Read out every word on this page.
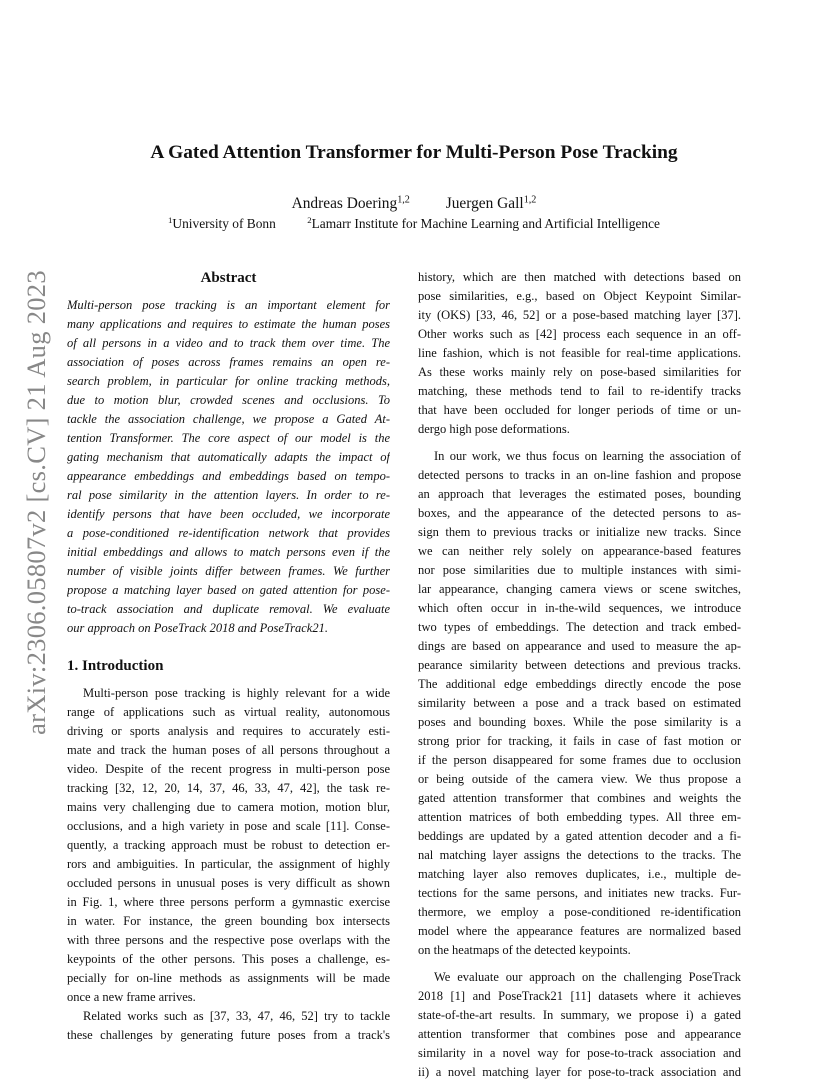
arXiv:2306.05807v2 [cs.CV] 21 Aug 2023
A Gated Attention Transformer for Multi-Person Pose Tracking
Andreas Doering$^{1,2}$ Juergen Gall$^{1,2}$
$^1$University of Bonn	$^2$Lamarr Institute for Machine Learning and Artificial Intelligence
Abstract
Multi-person pose tracking is an important element for
many applications and requires to estimate the human poses
of all persons in a video and to track them over time. The
association of poses across frames remains an open re-
search problem, in particular for online tracking methods,
due to motion blur, crowded scenes and occlusions. To
tackle the association challenge, we propose a Gated At-
tention Transformer. The core aspect of our model is the
gating mechanism that automatically adapts the impact of
appearance embeddings and embeddings based on tempo-
ral pose similarity in the attention layers. In order to re-
identify persons that have been occluded, we incorporate
a pose-conditioned re-identification network that provides
initial embeddings and allows to match persons even if the
number of visible joints differ between frames. We further
propose a matching layer based on gated attention for pose-
to-track association and duplicate removal. We evaluate
our approach on PoseTrack 2018 and PoseTrack21.
1. Introduction
Multi-person pose tracking is highly relevant for a wide
range of applications such as virtual reality, autonomous
driving or sports analysis and requires to accurately esti-
mate and track the human poses of all persons throughout a
video. Despite of the recent progress in multi-person pose
tracking [32, 12, 20, 14, 37, 46, 33, 47, 42], the task re-
mains very challenging due to camera motion, motion blur,
occlusions, and a high variety in pose and scale [11]. Conse-
quently, a tracking approach must be robust to detection er-
rors and ambiguities. In particular, the assignment of highly
occluded persons in unusual poses is very difficult as shown
in Fig. 1, where three persons perform a gymnastic exercise
in water. For instance, the green bounding box intersects
with three persons and the respective pose overlaps with the
keypoints of the other persons. This poses a challenge, es-
pecially for on-line methods as assignments will be made
once a new frame arrives.
Related works such as [37, 33, 47, 46, 52] try to tackle
these challenges by generating future poses from a track's
history, which are then matched with detections based on
pose similarities, e.g., based on Object Keypoint Similar-
ity (OKS) [33, 46, 52] or a pose-based matching layer [37].
Other works such as [42] process each sequence in an off-
line fashion, which is not feasible for real-time applications.
As these works mainly rely on pose-based similarities for
matching, these methods tend to fail to re-identify tracks
that have been occluded for longer periods of time or un-
dergo high pose deformations.
In our work, we thus focus on learning the association of
detected persons to tracks in an on-line fashion and propose
an approach that leverages the estimated poses, bounding
boxes, and the appearance of the detected persons to as-
sign them to previous tracks or initialize new tracks. Since
we can neither rely solely on appearance-based features
nor pose similarities due to multiple instances with simi-
lar appearance, changing camera views or scene switches,
which often occur in in-the-wild sequences, we introduce
two types of embeddings. The detection and track embed-
dings are based on appearance and used to measure the ap-
pearance similarity between detections and previous tracks.
The additional edge embeddings directly encode the pose
similarity between a pose and a track based on estimated
poses and bounding boxes. While the pose similarity is a
strong prior for tracking, it fails in case of fast motion or
if the person disappeared for some frames due to occlusion
or being outside of the camera view. We thus propose a
gated attention transformer that combines and weights the
attention matrices of both embedding types. All three em-
beddings are updated by a gated attention decoder and a fi-
nal matching layer assigns the detections to the tracks. The
matching layer also removes duplicates, i.e., multiple de-
tections for the same persons, and initiates new tracks. Fur-
thermore, we employ a pose-conditioned re-identification
model where the appearance features are normalized based
on the heatmaps of the detected keypoints.
We evaluate our approach on the challenging PoseTrack
2018 [1] and PoseTrack21 [11] datasets where it achieves
state-of-the-art results. In summary, we propose i) a gated
attention transformer that combines pose and appearance
similarity in a novel way for pose-to-track association and
ii) a novel matching layer for pose-to-track association and
